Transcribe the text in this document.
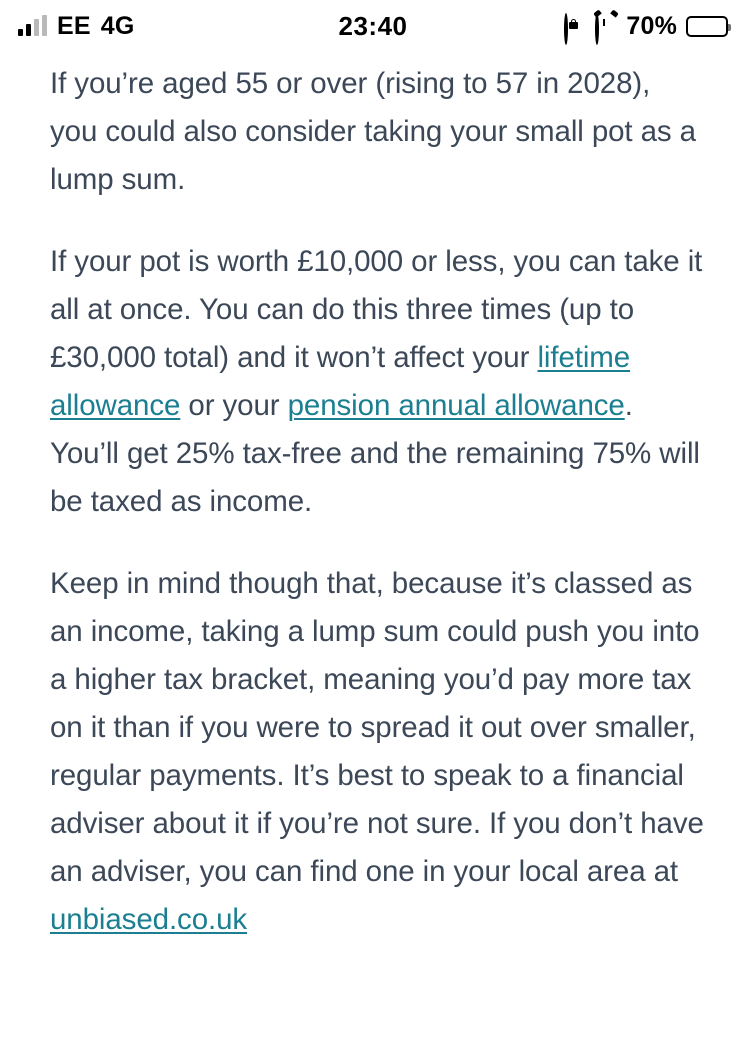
EE 4G	23:40	70%

If you’re aged 55 or over (rising to 57 in 2028), you could also consider taking your small pot as a lump sum.

If your pot is worth £10,000 or less, you can take it all at once. You can do this three times (up to £30,000 total) and it won’t affect your lifetime allowance or your pension annual allowance. You’ll get 25% tax-free and the remaining 75% will be taxed as income.

Keep in mind though that, because it’s classed as an income, taking a lump sum could push you into a higher tax bracket, meaning you’d pay more tax on it than if you were to spread it out over smaller, regular payments. It’s best to speak to a financial adviser about it if you’re not sure. If you don’t have an adviser, you can find one in your local area at unbiased.co.uk
